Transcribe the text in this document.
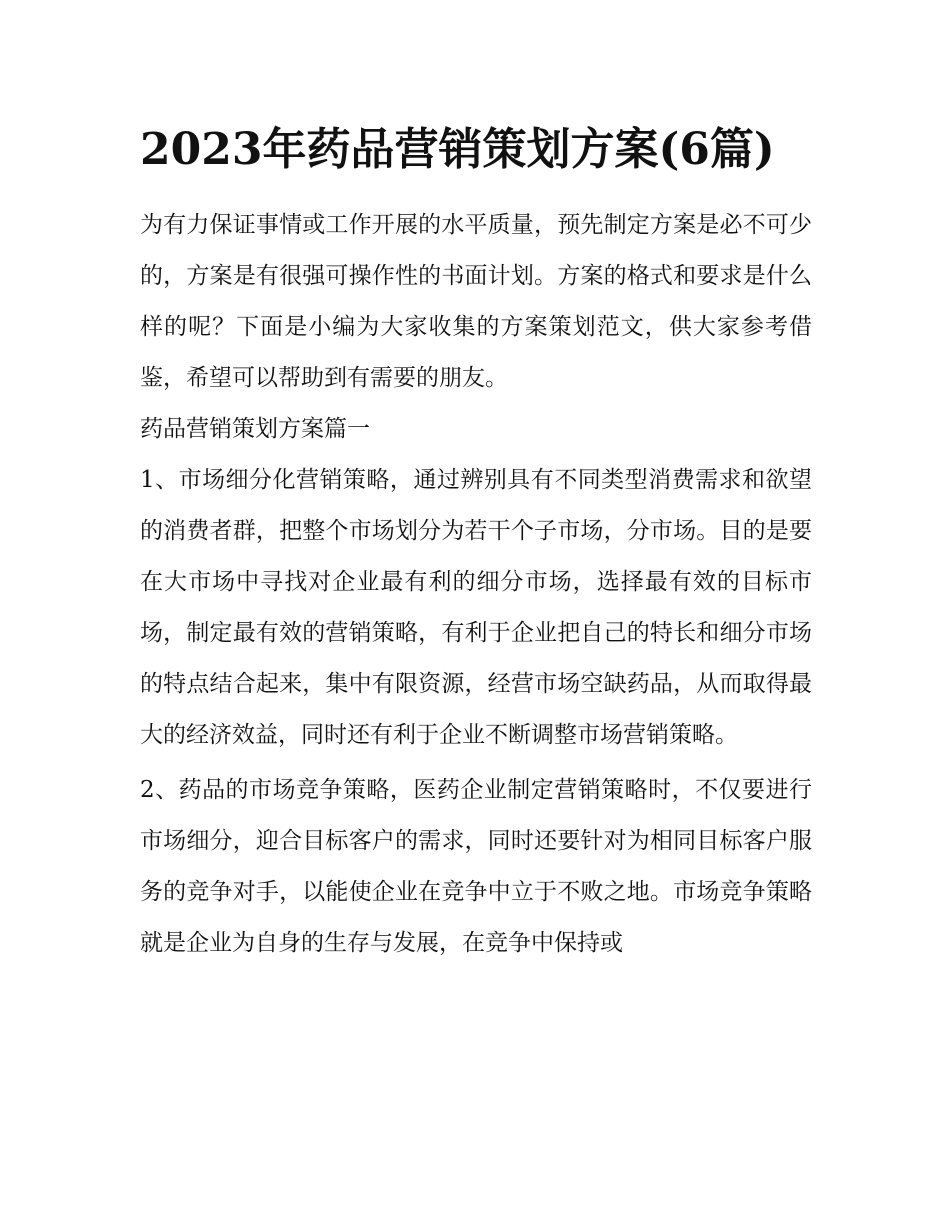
2023年药品营销策划方案(6篇)

为有力保证事情或工作开展的水平质量，预先制定方案是必不可少的，方案是有很强可操作性的书面计划。方案的格式和要求是什么样的呢？下面是小编为大家收集的方案策划范文，供大家参考借鉴，希望可以帮助到有需要的朋友。

药品营销策划方案篇一

1、市场细分化营销策略，通过辨别具有不同类型消费需求和欲望的消费者群，把整个市场划分为若干个子市场，分市场。目的是要在大市场中寻找对企业最有利的细分市场，选择最有效的目标市场，制定最有效的营销策略，有利于企业把自己的特长和细分市场的特点结合起来，集中有限资源，经营市场空缺药品，从而取得最大的经济效益，同时还有利于企业不断调整市场营销策略。

2、药品的市场竞争策略，医药企业制定营销策略时，不仅要进行市场细分，迎合目标客户的需求，同时还要针对为相同目标客户服务的竞争对手，以能使企业在竞争中立于不败之地。市场竞争策略就是企业为自身的生存与发展，在竞争中保持或
